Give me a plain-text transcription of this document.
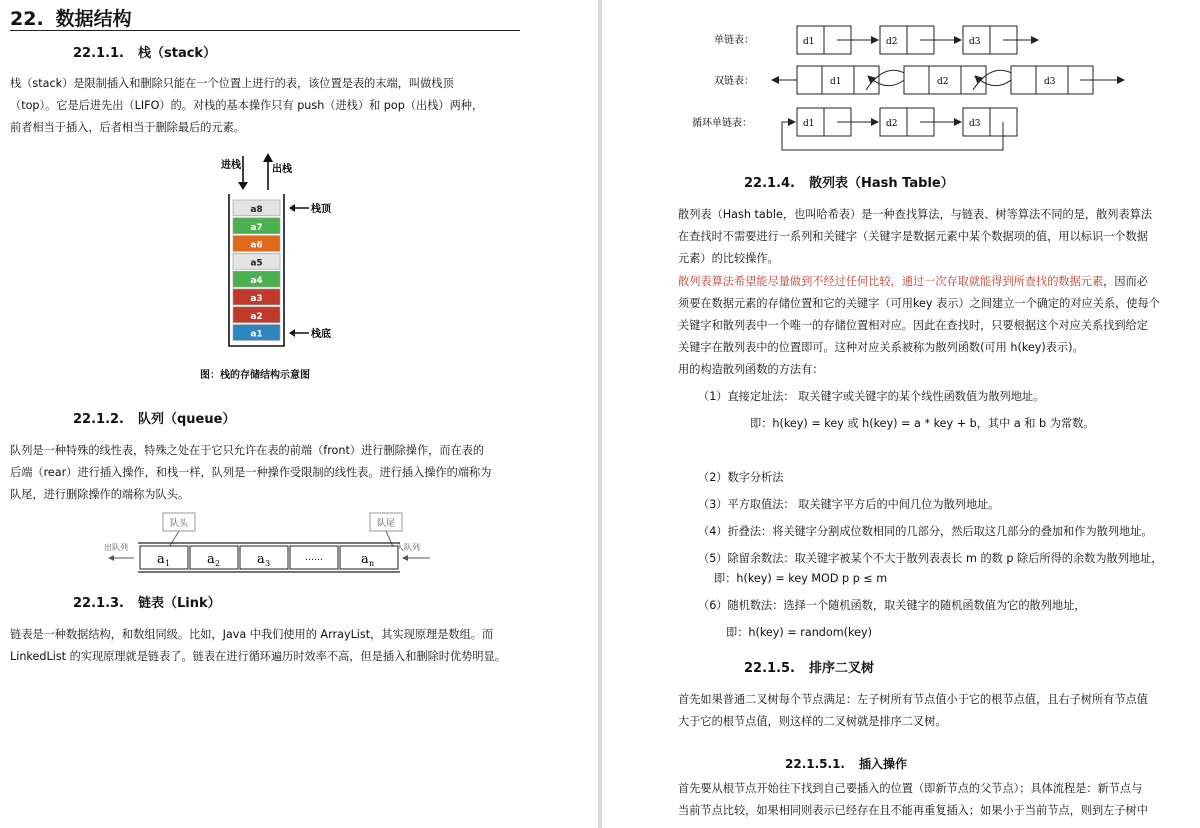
22. 数据结构
22.1.1. 栈（stack）
栈（stack）是限制插入和删除只能在一个位置上进行的表，该位置是表的末端，叫做栈顶
（top）。它是后进先出（LIFO）的。对栈的基本操作只有 push（进栈）和 pop（出栈）两种，
前者相当于插入，后者相当于删除最后的元素。
进栈	出栈
a8
a7
a6
a5
a4
a3
a2
a1
栈顶
栈底
图：栈的存储结构示意图
22.1.2. 队列（queue）
队列是一种特殊的线性表，特殊之处在于它只允许在表的前端（front）进行删除操作，而在表的
后端（rear）进行插入操作，和栈一样，队列是一种操作受限制的线性表。进行插入操作的端称为
队尾，进行删除操作的端称为队头。
队头	队尾
a 1	a 2	a 3
……	a n
出队列	入队列
22.1.3. 链表（Link）
链表是一种数据结构，和数组同级。比如，Java 中我们使用的 ArrayList，其实现原理是数组。而
LinkedList 的实现原理就是链表了。链表在进行循环遍历时效率不高，但是插入和删除时优势明显。
单链表：	d1	d2	d3
双链表：	d1	d2	d3
循环单链表：	d1	d2	d3
22.1.4. 散列表（Hash Table）
散列表（Hash table，也叫哈希表）是一种查找算法，与链表、树等算法不同的是，散列表算法
在查找时不需要进行一系列和关键字（关键字是数据元素中某个数据项的值，用以标识一个数据
元素）的比较操作。
散列表算法希望能尽量做到不经过任何比较，通过一次存取就能得到所查找的数据元素，因而必
须要在数据元素的存储位置和它的关键字（可用key 表示）之间建立一个确定的对应关系，使每个
关键字和散列表中一个唯一的存储位置相对应。因此在查找时，只要根据这个对应关系找到给定
关键字在散列表中的位置即可。这种对应关系被称为散列函数(可用 h(key)表示)。
用的构造散列函数的方法有：
（1）直接定址法： 取关键字或关键字的某个线性函数值为散列地址。
即：h(key) = key 或 h(key) = a * key + b，其中 a 和 b 为常数。
（2）数字分析法
（3）平方取值法： 取关键字平方后的中间几位为散列地址。
（4）折叠法：将关键字分割成位数相同的几部分，然后取这几部分的叠加和作为散列地址。
（5）除留余数法：取关键字被某个不大于散列表表长 m 的数 p 除后所得的余数为散列地址，
即：h(key) = key MOD p p ≤ m
（6）随机数法：选择一个随机函数，取关键字的随机函数值为它的散列地址，
即：h(key) = random(key)
22.1.5. 排序二叉树
首先如果普通二叉树每个节点满足：左子树所有节点值小于它的根节点值，且右子树所有节点值
大于它的根节点值，则这样的二叉树就是排序二叉树。
22.1.5.1. 插入操作
首先要从根节点开始往下找到自己要插入的位置（即新节点的父节点）；具体流程是：新节点与
当前节点比较，如果相同则表示已经存在且不能再重复插入；如果小于当前节点，则到左子树中
